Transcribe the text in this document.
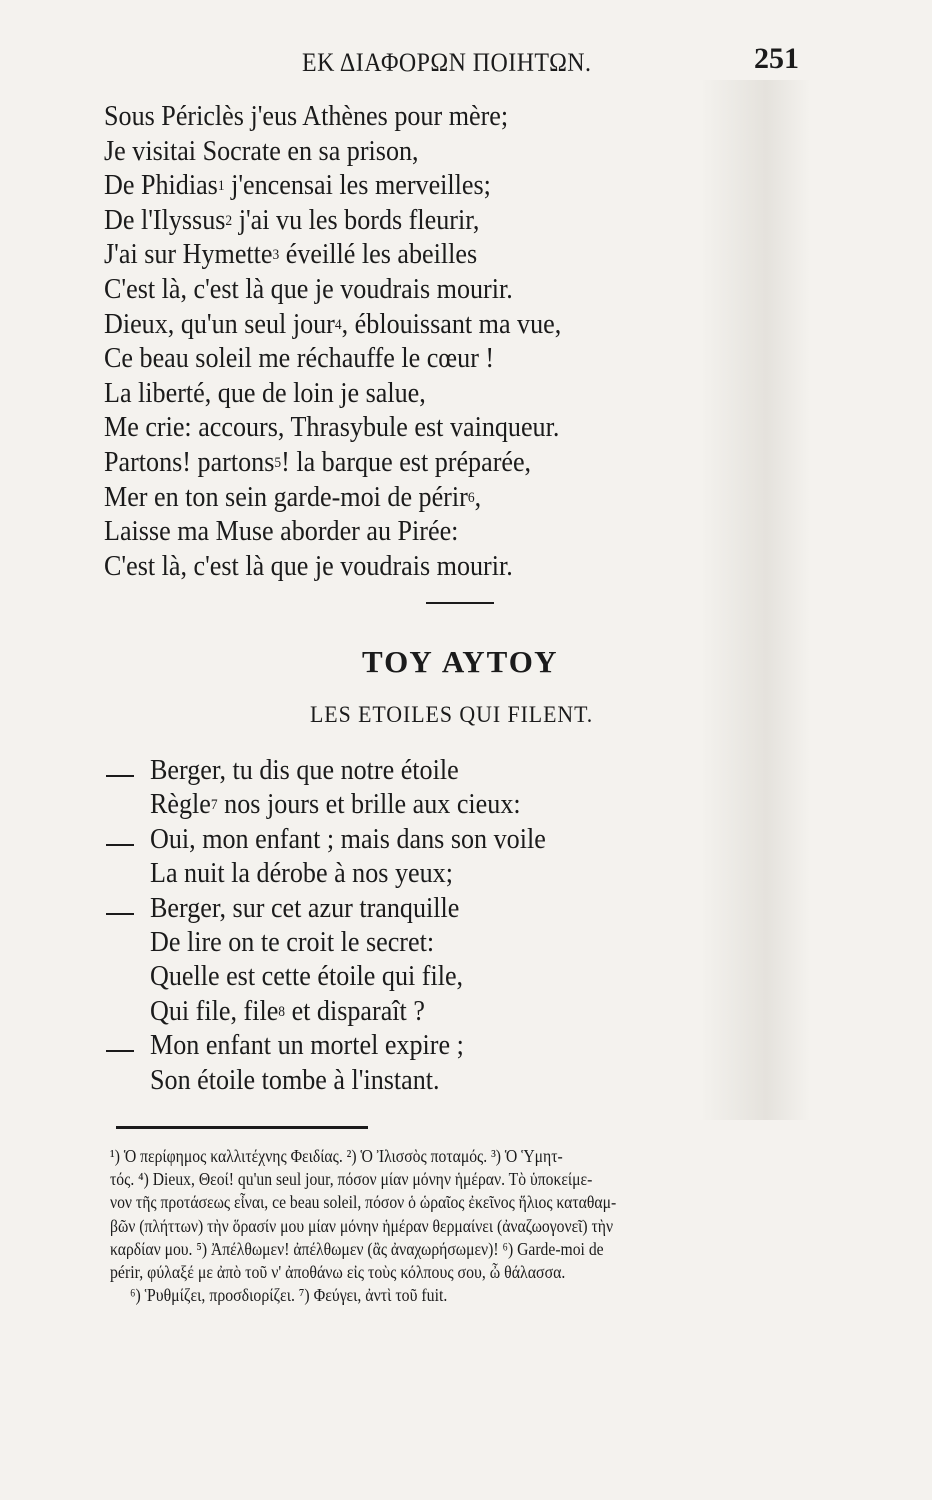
ΕΚ ΔΙΑΦΟΡΩΝ ΠΟΙΗΤΩΝ.	251
Sous Périclès j'eus Athènes pour mère;
Je visitai Socrate en sa prison,
De Phidias$^1$ j'encensai les merveilles;
De l'Ilyssus$^2$ j'ai vu les bords fleurir,
J'ai sur Hymette$^3$ éveillé les abeilles
C'est là, c'est là que je voudrais mourir.
Dieux, qu'un seul jour$^4$, éblouissant ma vue,
Ce beau soleil me réchauffe le cœur !
La liberté, que de loin je salue,
Me crie: accours, Thrasybule est vainqueur.
Partons! partons$^5$! la barque est préparée,
Mer en ton sein garde-moi de périr$^6$,
Laisse ma Muse aborder au Pirée:
C'est là, c'est là que je voudrais mourir.
ΤΟΥ ΑΥΤΟΥ
LES ETOILES QUI FILENT.
Berger, tu dis que notre étoile
Règle$^7$ nos jours et brille aux cieux:
Oui, mon enfant ; mais dans son voile
La nuit la dérobe à nos yeux;
Berger, sur cet azur tranquille
De lire on te croit le secret:
Quelle est cette étoile qui file,
Qui file, file$^8$ et disparaît ?
Mon enfant un mortel expire ;
Son étoile tombe à l'instant.
¹) Ὁ περίφημος καλλιτέχνης Φειδίας. ²) Ὁ Ἰλισσὸς ποταμός. ³) Ὁ Ὑμητ-
τός. ⁴) Dieux, Θεοί! qu'un seul jour, πόσον μίαν μόνην ἡμέραν. Τὸ ὑποκείμε-
νον τῆς προτάσεως εἶναι, ce beau soleil, πόσον ὁ ὡραῖος ἐκεῖνος ἥλιος καταθαμ-
βῶν (πλήττων) τὴν ὅρασίν μου μίαν μόνην ἡμέραν θερμαίνει (ἀναζωογονεῖ) τὴν
καρδίαν μου. ⁵) Ἀπέλθωμεν! ἀπέλθωμεν (ἂς ἀναχωρήσωμεν)! ⁶) Garde-moi de
périr, φύλαξέ με ἀπὸ τοῦ ν' ἀποθάνω εἰς τοὺς κόλπους σου, ὦ θάλασσα.
⁶) Ῥυθμίζει, προσδιορίζει. ⁷) Φεύγει, ἀντὶ τοῦ fuit.
